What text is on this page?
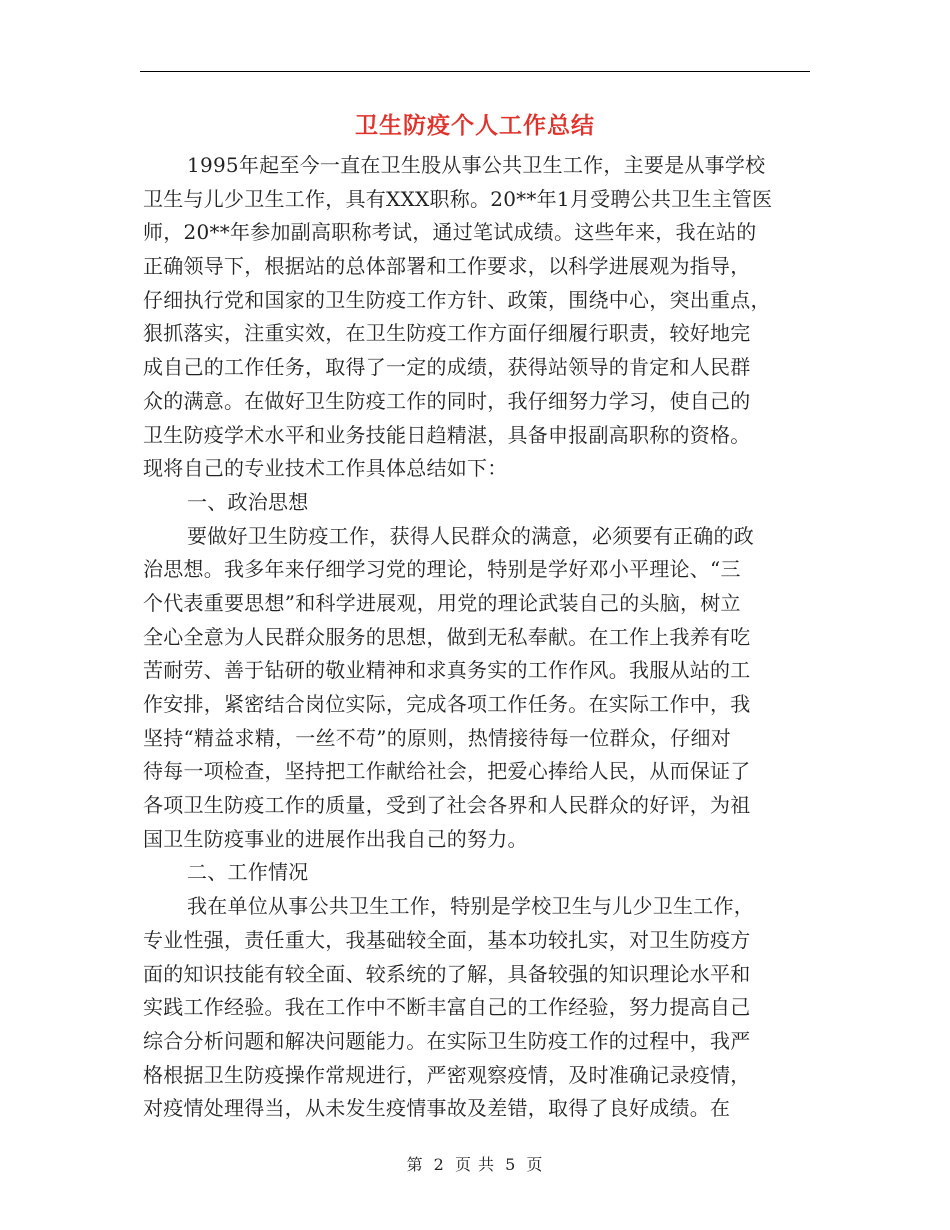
卫生防疫个人工作总结
1995年起至今一直在卫生股从事公共卫生工作，主要是从事学校
卫生与儿少卫生工作，具有XXX职称。20**年1月受聘公共卫生主管医
师，20**年参加副高职称考试，通过笔试成绩。这些年来，我在站的
正确领导下，根据站的总体部署和工作要求，以科学进展观为指导，
仔细执行党和国家的卫生防疫工作方针、政策，围绕中心，突出重点，
狠抓落实，注重实效，在卫生防疫工作方面仔细履行职责，较好地完
成自己的工作任务，取得了一定的成绩，获得站领导的肯定和人民群
众的满意。在做好卫生防疫工作的同时，我仔细努力学习，使自己的
卫生防疫学术水平和业务技能日趋精湛，具备申报副高职称的资格。
现将自己的专业技术工作具体总结如下：
一、政治思想
要做好卫生防疫工作，获得人民群众的满意，必须要有正确的政
治思想。我多年来仔细学习党的理论，特别是学好邓小平理论、“三
个代表重要思想”和科学进展观，用党的理论武装自己的头脑，树立
全心全意为人民群众服务的思想，做到无私奉献。在工作上我养有吃
苦耐劳、善于钻研的敬业精神和求真务实的工作作风。我服从站的工
作安排，紧密结合岗位实际，完成各项工作任务。在实际工作中，我
坚持“精益求精，一丝不苟”的原则，热情接待每一位群众，仔细对
待每一项检查，坚持把工作献给社会，把爱心捧给人民，从而保证了
各项卫生防疫工作的质量，受到了社会各界和人民群众的好评，为祖
国卫生防疫事业的进展作出我自己的努力。
二、工作情况
我在单位从事公共卫生工作，特别是学校卫生与儿少卫生工作，
专业性强，责任重大，我基础较全面，基本功较扎实，对卫生防疫方
面的知识技能有较全面、较系统的了解，具备较强的知识理论水平和
实践工作经验。我在工作中不断丰富自己的工作经验，努力提高自己
综合分析问题和解决问题能力。在实际卫生防疫工作的过程中，我严
格根据卫生防疫操作常规进行，严密观察疫情，及时准确记录疫情，
对疫情处理得当，从未发生疫情事故及差错，取得了良好成绩。在
第 2 页 共 5 页
